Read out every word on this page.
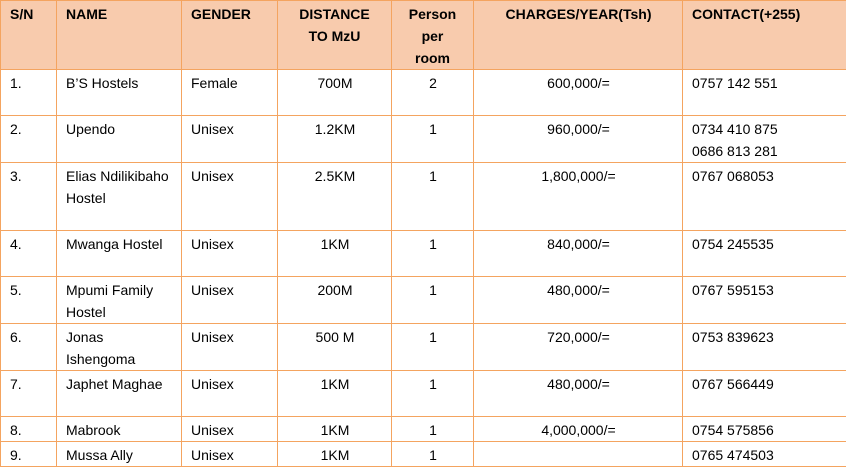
S/N	NAME	GENDER	DISTANCE TO MzU	Person per room	CHARGES/YEAR(Tsh)	CONTACT(+255)
1.	B’S Hostels	Female	700M	2	600,000/=	0757 142 551

2.	Upendo	Unisex	1.2KM	1	960,000/=	0734 410 875
0686 813 281

3.	Elias Ndilikibaho Hostel	Unisex	2.5KM	1	1,800,000/=	0767 068053

4.	Mwanga Hostel	Unisex	1KM	1	840,000/=	0754 245535

5.	Mpumi Family Hostel	Unisex	200M	1	480,000/=	0767 595153

6.	Jonas Ishengoma	Unisex	500 M	1	720,000/=	0753 839623

7.	Japhet Maghae	Unisex	1KM	1	480,000/=	0767 566449

8.	Mabrook	Unisex	1KM	1	4,000,000/=	0754 575856

9.	Mussa Ally	Unisex	1KM	1		0765 474503
